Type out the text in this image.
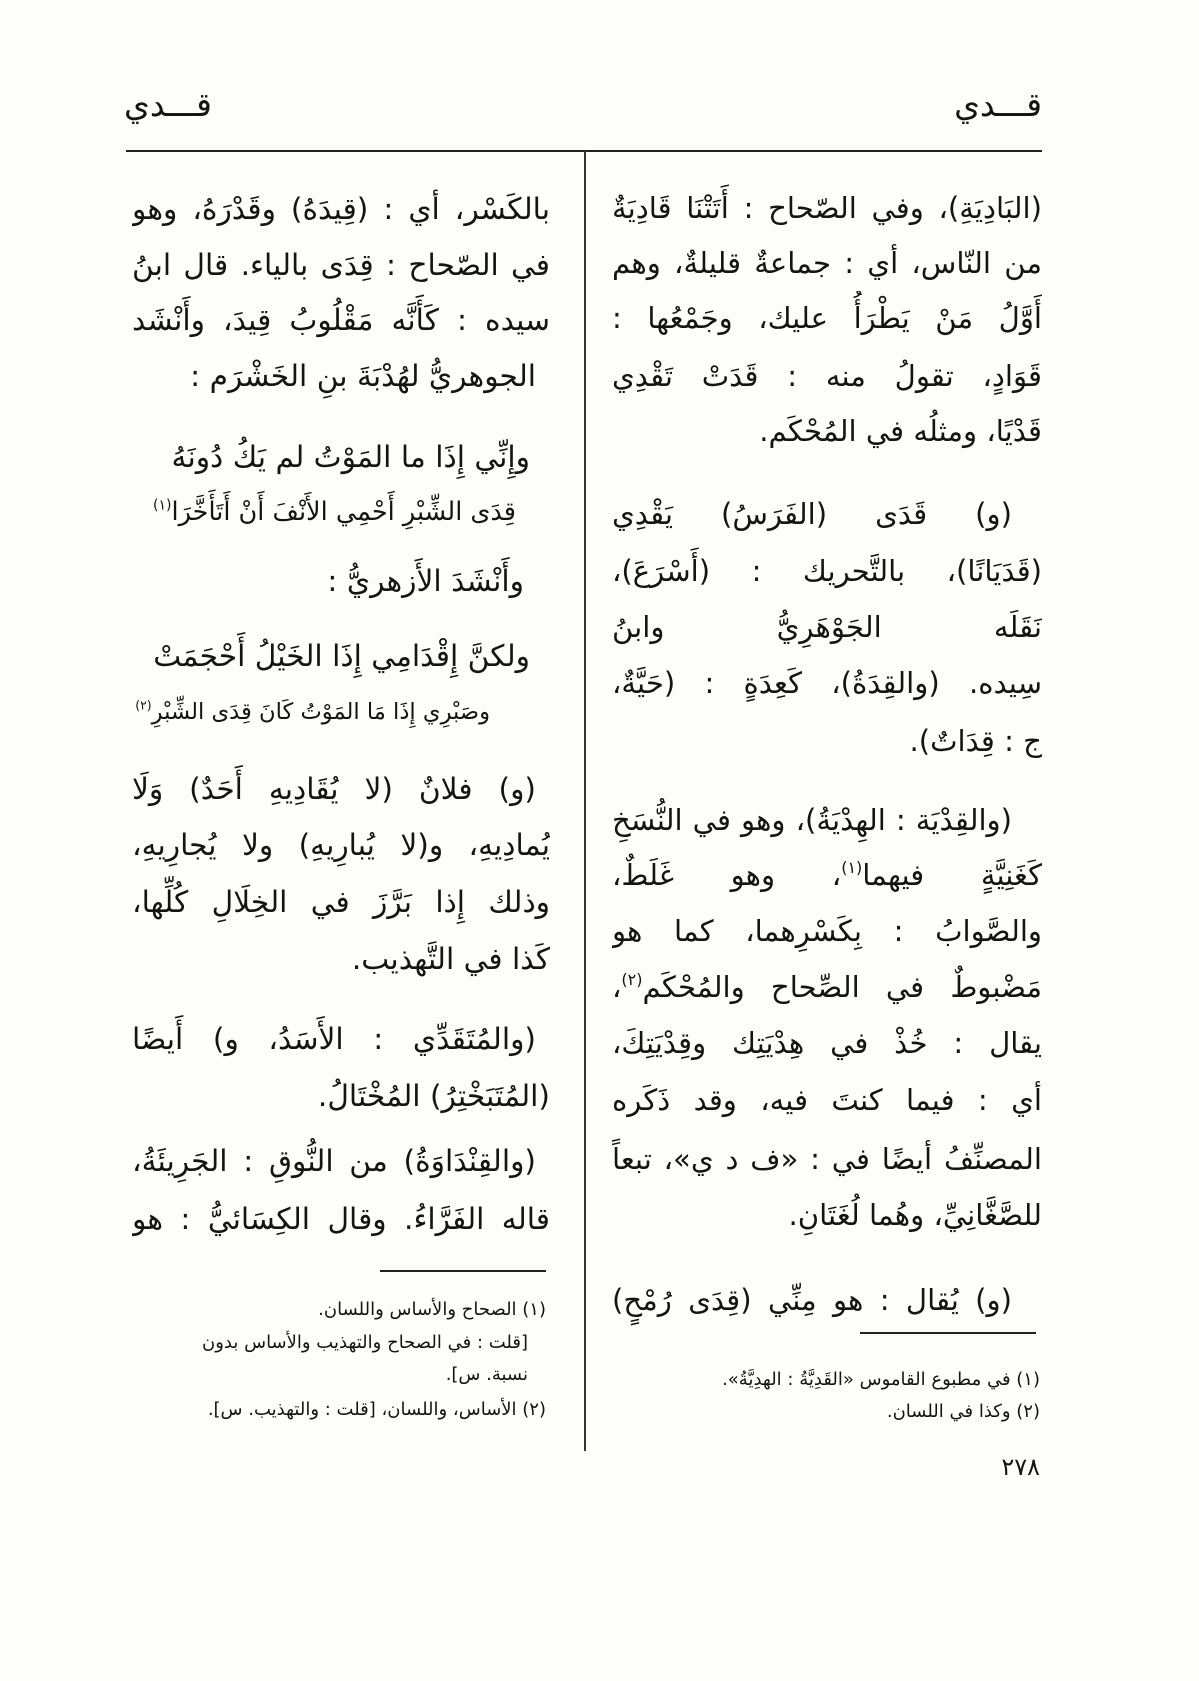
قـــدي
قـــدي
(البَادِيَةِ)، وفي الصّحاح : أَتَتْنَا قَادِيَةٌ
من النّاس، أي : جماعةٌ قليلةٌ، وهم
أَوَّلُ مَنْ يَطْرَأُ عليك، وجَمْعُها :
قَوَادٍ، تقولُ منه : قَدَتْ تَقْدِي
قَدْيًا، ومثلُه في المُحْكَم.
(و) قَدَى (الفَرَسُ) يَقْدِي
(قَدَيَانًا)، بالتَّحريك : (أَسْرَعَ)،
نَقَلَه الجَوْهَرِيُّ وابنُ
سِيده. (والقِدَةُ)، كَعِدَةٍ : (حَيَّةٌ،
ج : قِدَاتٌ).
(والقِدْيَة : الهِدْيَةُ)، وهو في النُّسَخِ
كَغَنِيَّةٍ فيهما$^{(١)}$، وهو غَلَطٌ،
والصَّوابُ : بِكَسْرِهما، كما هو
مَضْبوطٌ في الصِّحاح والمُحْكَم$^{(٢)}$،
يقال : خُذْ في هِدْيَتِك وقِدْيَتِكَ،
أي : فيما كنتَ فيه، وقد ذَكَره
المصنِّفُ أيضًا في : «ف د ي»، تبعاً
للصَّغَّانِيِّ، وهُما لُغَتَانِ.
(و) يُقال : هو مِنِّي (قِدَى رُمْحٍ)
(١) في مطبوع القاموس «القَدِيَّةُ : الهدِيَّةُ».
(٢) وكذا في اللسان.
بالكَسْر، أي : (قِيدَهُ) وقَدْرَهُ، وهو
في الصّحاح : قِدَى بالياء. قال ابنُ
سيده : كَأَنَّه مَقْلُوبُ قِيدَ، وأَنْشَد
الجوهريُّ لهُدْبَةَ بنِ الخَشْرَم :
وإِنِّي إِذَا ما المَوْتُ لم يَكُ دُونَهُ
قِدَى الشِّبْرِ أَحْمِي الأَنْفَ أَنْ أَتَأَخَّرَا$^{(١)}$
وأَنْشَدَ الأَزهريُّ :
ولكنَّ إِقْدَامِي إِذَا الخَيْلُ أَحْجَمَتْ
وصَبْرِي إِذَا مَا المَوْتُ كَانَ قِدَى الشِّبْرِ$^{(٢)}$
(و) فلانٌ (لا يُقَادِيهِ أَحَدٌ) وَلَا
يُمادِيهِ، و(لا يُبارِيهِ) ولا يُجارِيهِ،
وذلك إِذا بَرَّزَ في الخِلَالِ كُلِّها،
كَذا في التَّهذيب.
(والمُتَقَدِّي : الأَسَدُ، و) أَيضًا
(المُتَبَخْتِرُ) المُخْتَالُ.
(والقِنْدَاوَةُ) من النُّوقِ : الجَرِيئَةُ،
قاله الفَرَّاءُ. وقال الكِسَائيُّ : هو
(١) الصحاح والأساس واللسان.
[قلت : في الصحاح والتهذيب والأساس بدون
نسبة. س].
(٢) الأساس، واللسان، [قلت : والتهذيب. س].
٢٧٨
